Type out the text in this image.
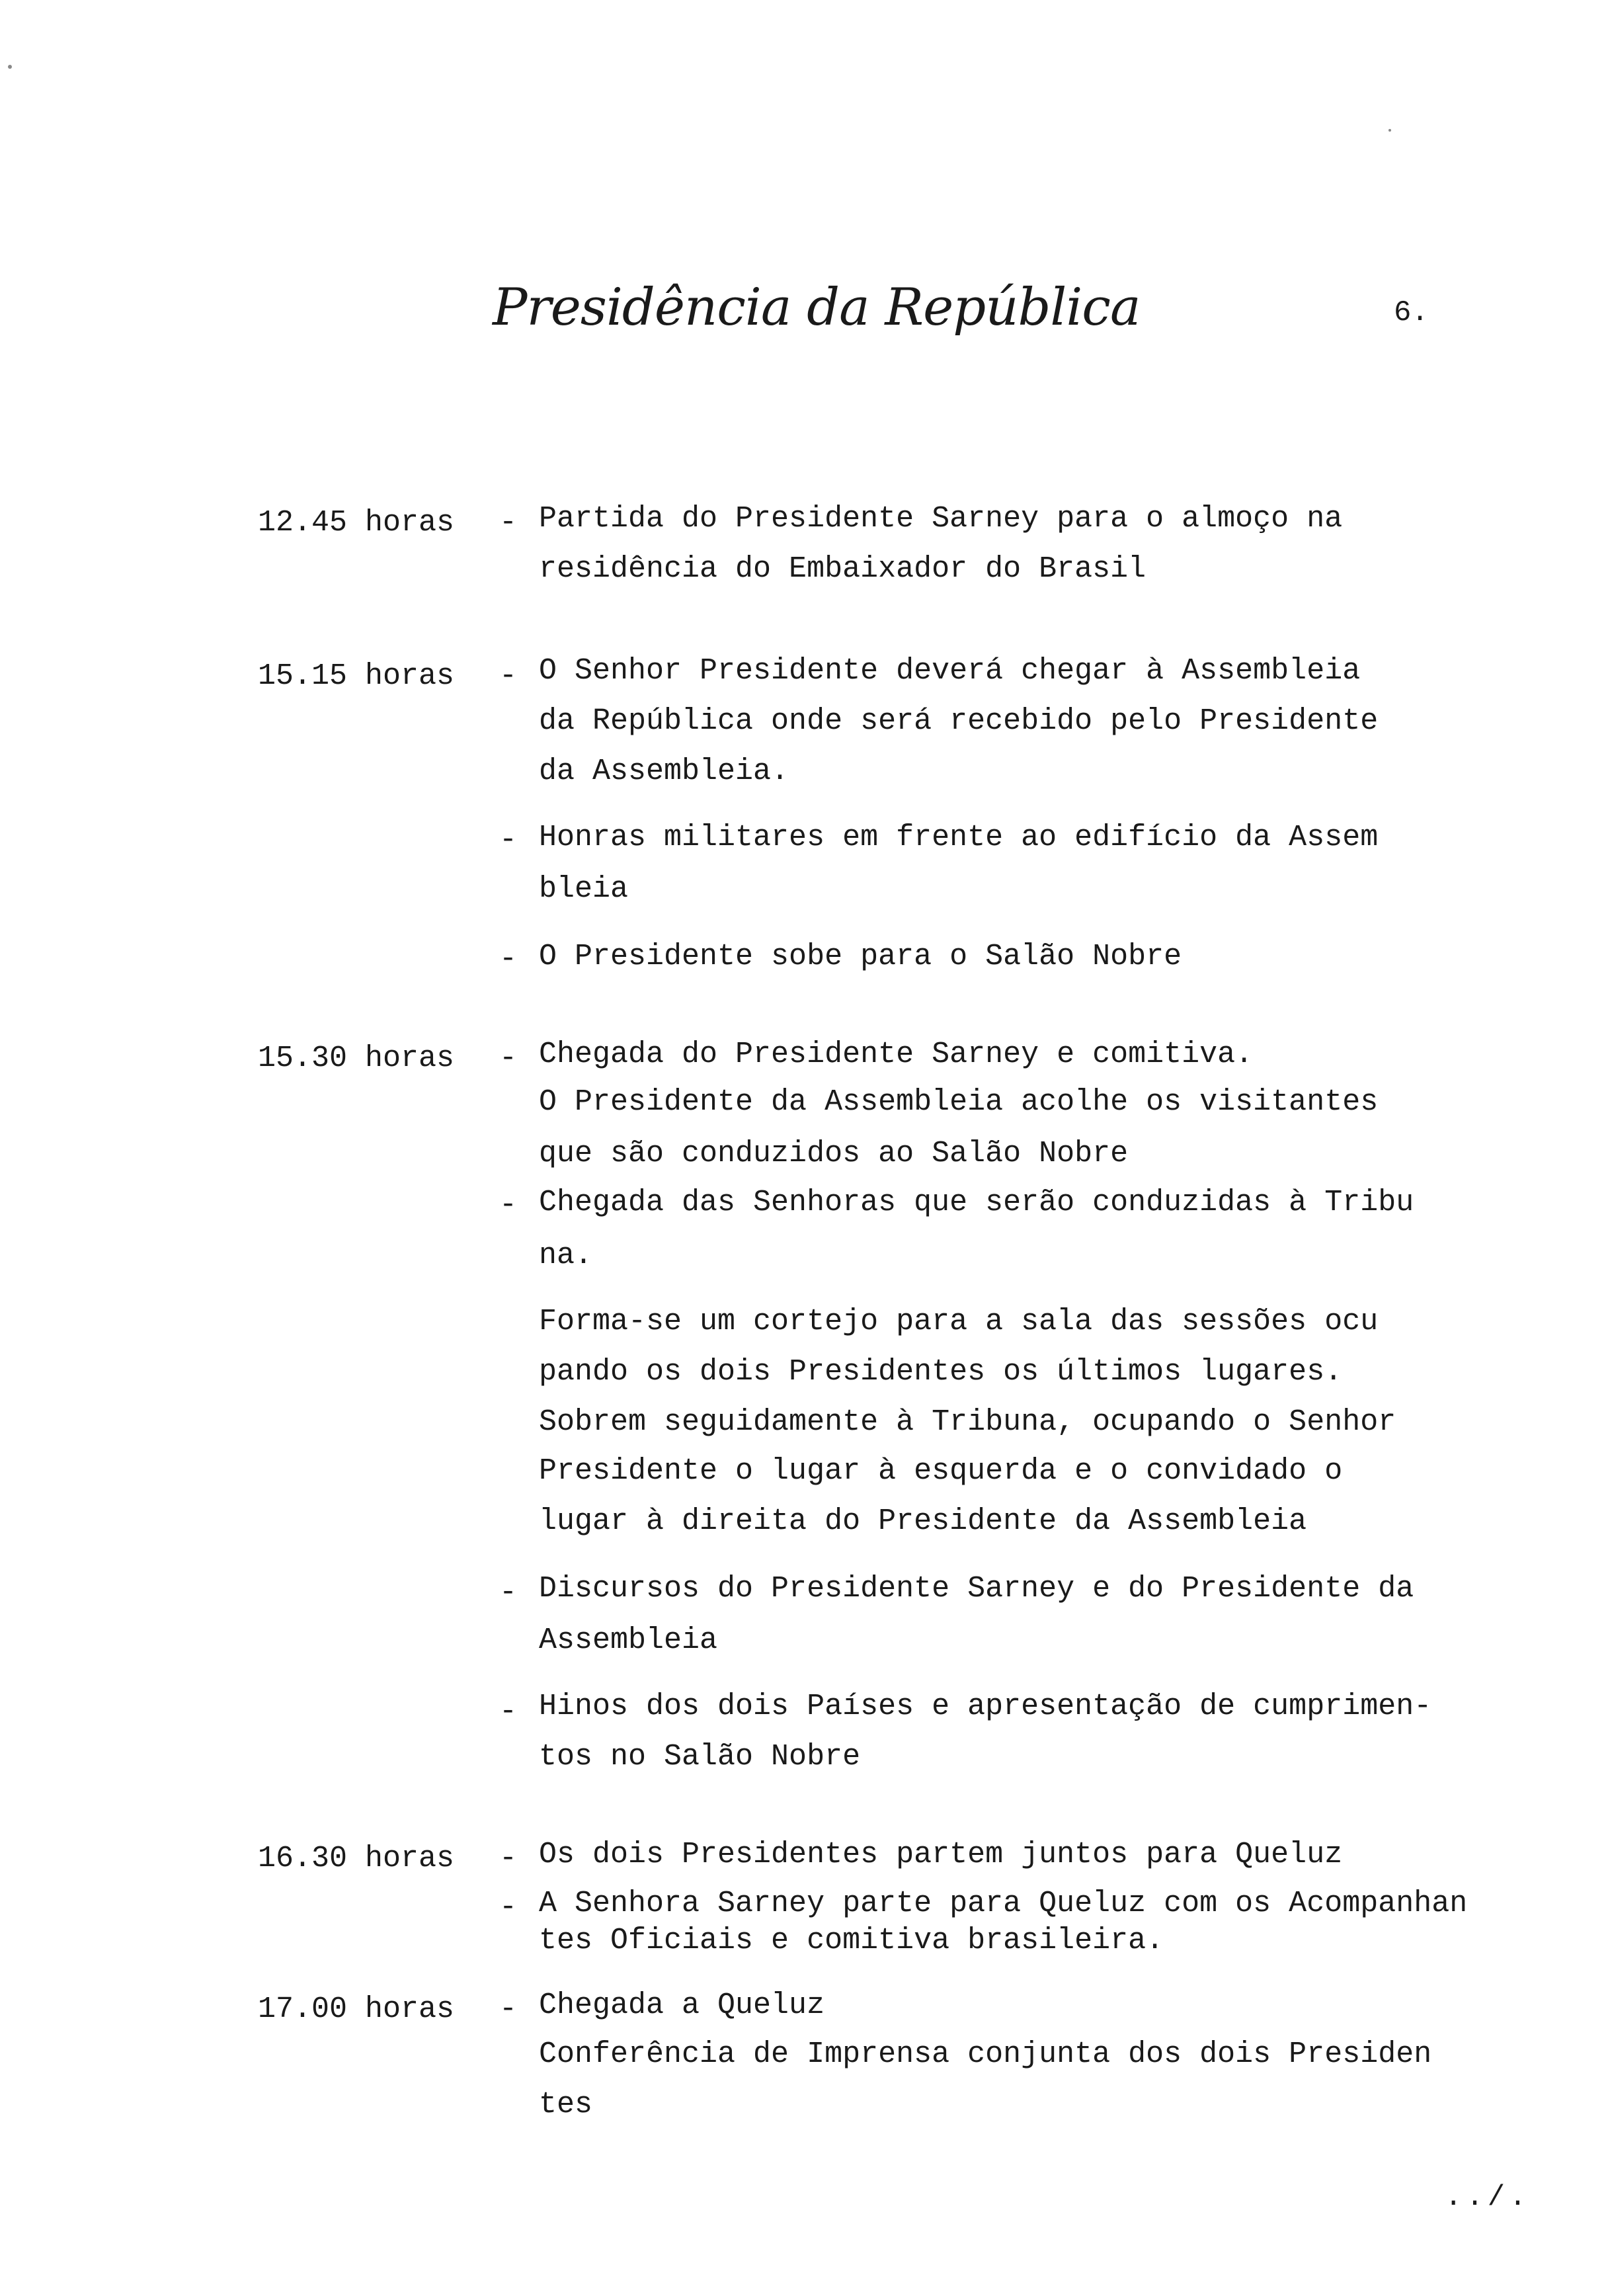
Presidência da República	6.
12.45 horas - Partida do Presidente Sarney para o almoço na
residência do Embaixador do Brasil
15.15 horas - O Senhor Presidente deverá chegar à Assembleia
da República onde será recebido pelo Presidente
da Assembleia.
- Honras militares em frente ao edifício da Assem
bleia
- O Presidente sobe para o Salão Nobre
15.30 horas - Chegada do Presidente Sarney e comitiva.
O Presidente da Assembleia acolhe os visitantes
que são conduzidos ao Salão Nobre
- Chegada das Senhoras que serão conduzidas à Tribu
na.
Forma-se um cortejo para a sala das sessões ocu
pando os dois Presidentes os últimos lugares.
Sobrem seguidamente à Tribuna, ocupando o Senhor
Presidente o lugar à esquerda e o convidado o
lugar à direita do Presidente da Assembleia
- Discursos do Presidente Sarney e do Presidente da
Assembleia
- Hinos dos dois Países e apresentação de cumprimen-
tos no Salão Nobre
16.30 horas - Os dois Presidentes partem juntos para Queluz
- A Senhora Sarney parte para Queluz com os Acompanhan
tes Oficiais e comitiva brasileira.
17.00 horas - Chegada a Queluz
Conferência de Imprensa conjunta dos dois Presiden
tes
../.
